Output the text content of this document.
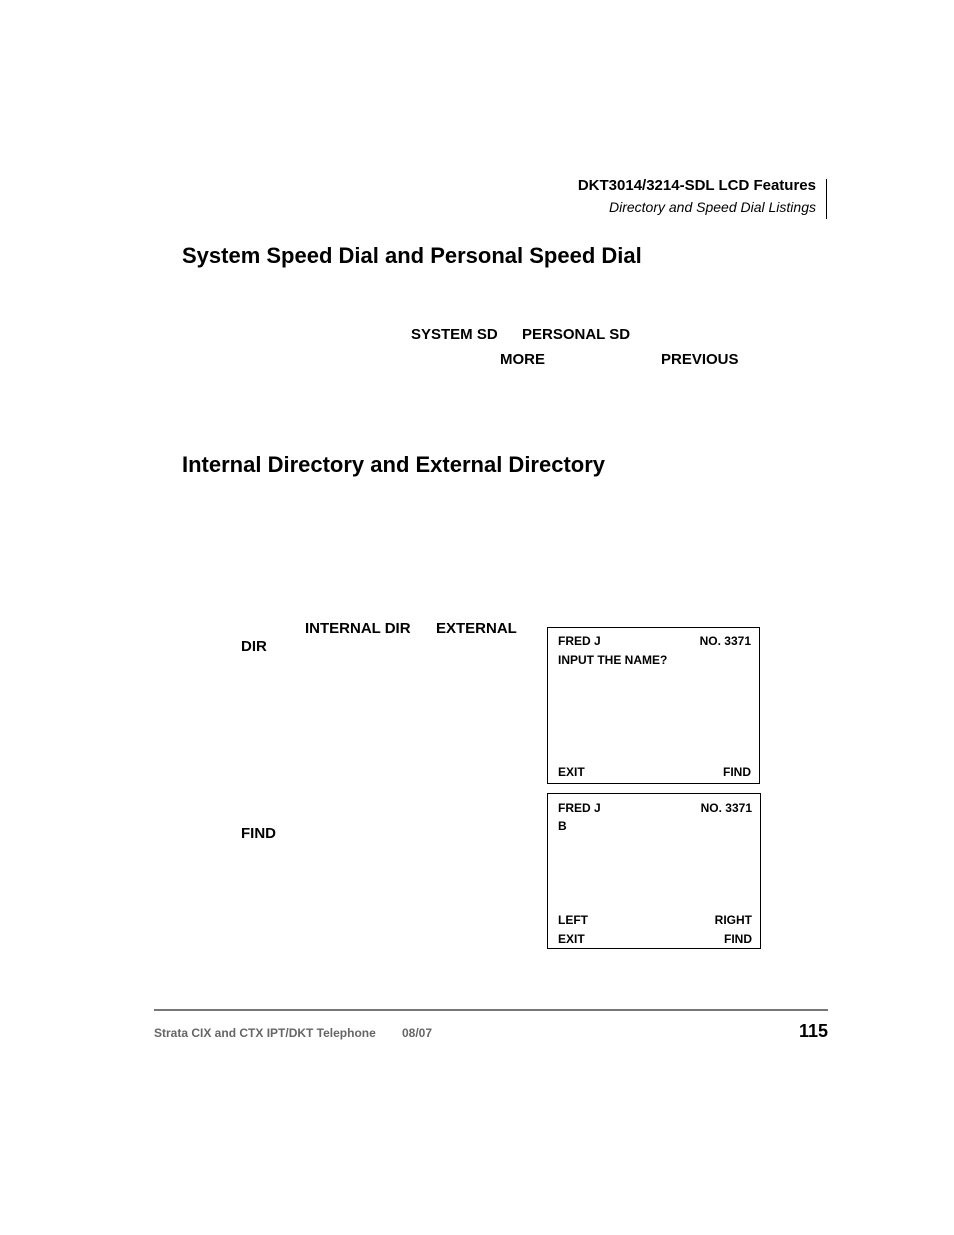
DKT3014/3214-SDL LCD Features
Directory and Speed Dial Listings
System Speed Dial and Personal Speed Dial
SYSTEM SD PERSONAL SD
MORE	PREVIOUS
Internal Directory and External Directory
INTERNAL DIR EXTERNAL
DIR
FIND
FRED J	NO. 3371
INPUT THE NAME?
EXIT	FIND
FRED J	NO. 3371
B
LEFT	RIGHT
EXIT	FIND
Strata CIX and CTX IPT/DKT Telephone 08/07	115
